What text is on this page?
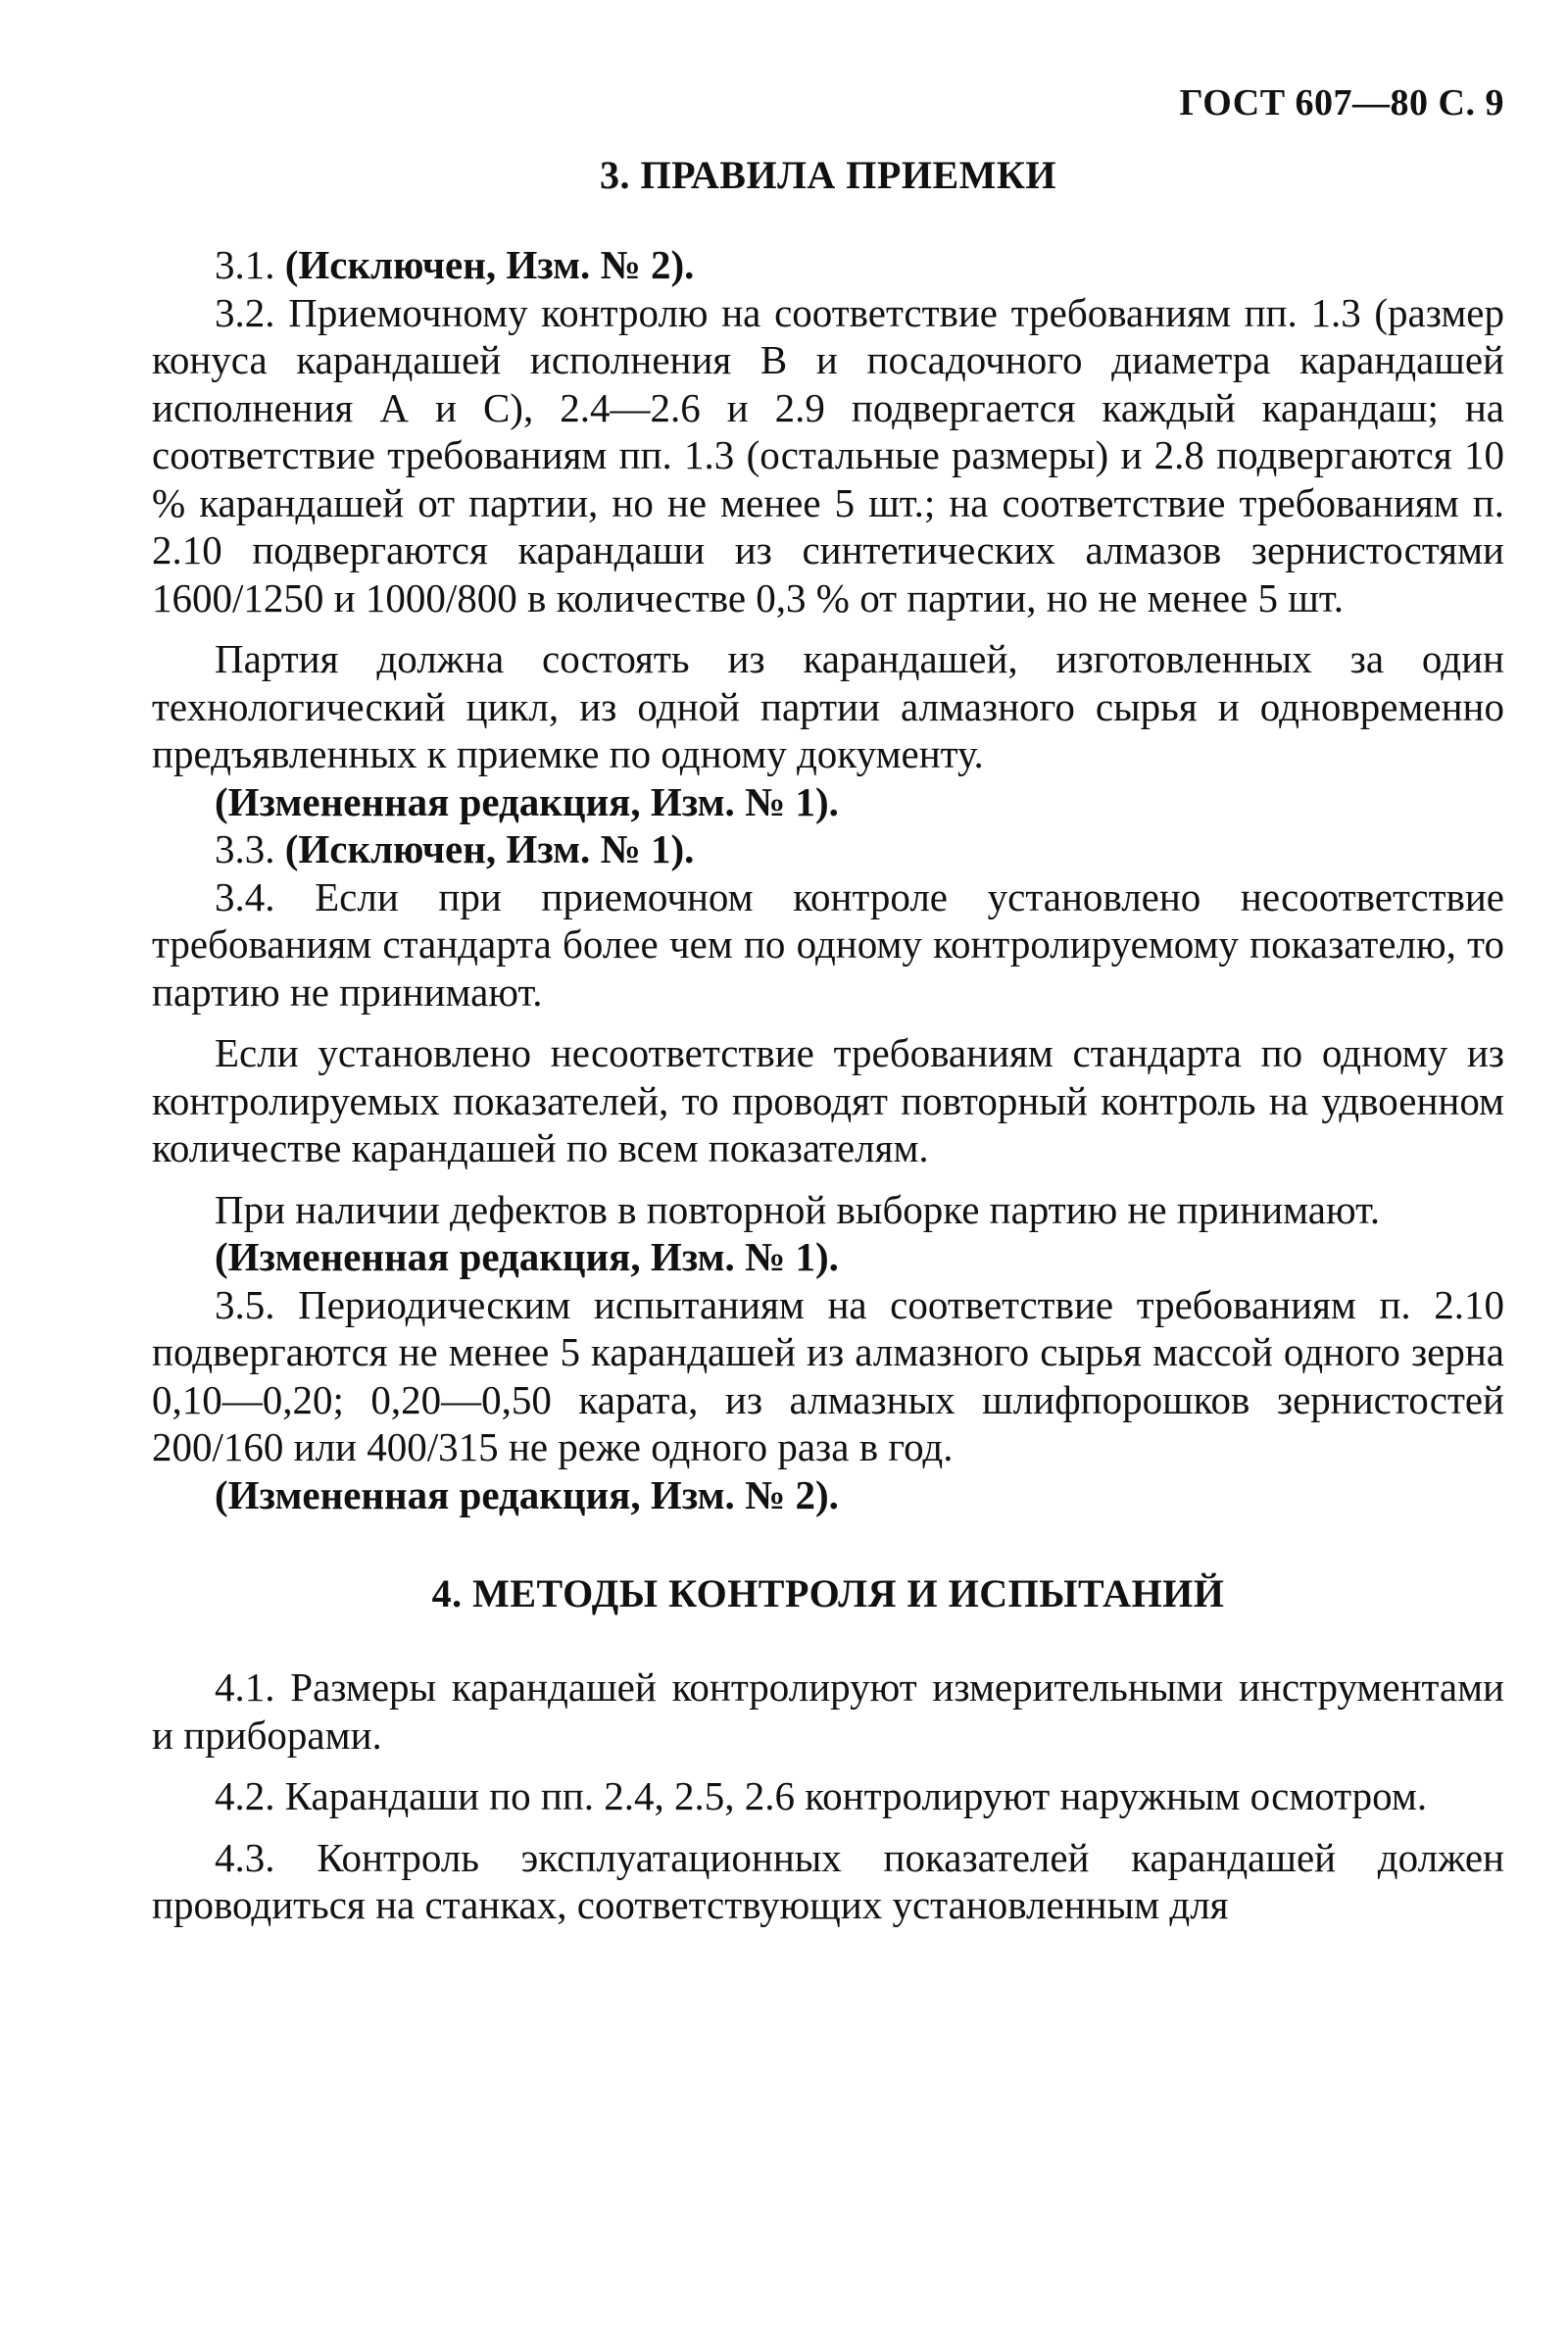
ГОСТ 607—80 С. 9
3. ПРАВИЛА ПРИЕМКИ

3.1. (Исключен, Изм. № 2).

3.2. Приемочному контролю на соответствие требованиям пп. 1.3 (размер конуса карандашей исполнения В и посадочного диаметра карандашей исполнения А и С), 2.4—2.6 и 2.9 подвергается каждый карандаш; на соответствие требованиям пп. 1.3 (остальные размеры) и 2.8 подвергаются 10 % карандашей от партии, но не менее 5 шт.; на соответствие требованиям п. 2.10 подвергаются карандаши из синтетических алмазов зернистостями 1600/1250 и 1000/800 в количестве 0,3 % от партии, но не менее 5 шт.

Партия должна состоять из карандашей, изготовленных за один технологический цикл, из одной партии алмазного сырья и одновременно предъявленных к приемке по одному документу.

(Измененная редакция, Изм. № 1).

3.3. (Исключен, Изм. № 1).

3.4. Если при приемочном контроле установлено несоответствие требованиям стандарта более чем по одному контролируемому показателю, то партию не принимают.

Если установлено несоответствие требованиям стандарта по одному из контролируемых показателей, то проводят повторный контроль на удвоенном количестве карандашей по всем показателям.

При наличии дефектов в повторной выборке партию не принимают.

(Измененная редакция, Изм. № 1).

3.5. Периодическим испытаниям на соответствие требованиям п. 2.10 подвергаются не менее 5 карандашей из алмазного сырья массой одного зерна 0,10—0,20; 0,20—0,50 карата, из алмазных шлифпорошков зернистостей 200/160 или 400/315 не реже одного раза в год.

(Измененная редакция, Изм. № 2).

4. МЕТОДЫ КОНТРОЛЯ И ИСПЫТАНИЙ

4.1. Размеры карандашей контролируют измерительными инструментами и приборами.

4.2. Карандаши по пп. 2.4, 2.5, 2.6 контролируют наружным осмотром.

4.3. Контроль эксплуатационных показателей карандашей должен проводиться на станках, соответствующих установленным для
